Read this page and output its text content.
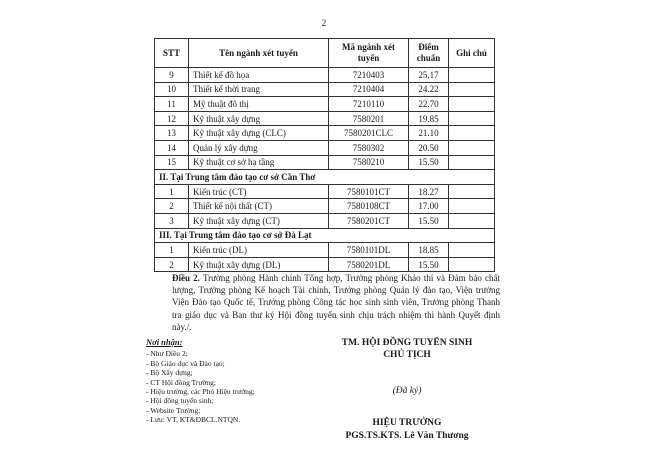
2
STT	Tên ngành xét tuyển	Mã ngành xét tuyển	Điểm chuẩn	Ghi chú
9	Thiết kế đồ họa	7210403	25.17	
10	Thiết kế thời trang	7210404	24.22	
11	Mỹ thuật đô thị	7210110	22.70	
12	Kỹ thuật xây dựng	7580201	19.85	
13	Kỹ thuật xây dựng (CLC)	7580201CLC	21.10	
14	Quản lý xây dựng	7580302	20.50	
15	Kỹ thuật cơ sở hạ tầng	7580210	15.50	
II. Tại Trung tâm đào tạo cơ sở Cần Thơ				
1	Kiến trúc (CT)	7580101CT	18.27	
2	Thiết kế nội thất (CT)	7580108CT	17.00	
3	Kỹ thuật xây dựng (CT)	7580201CT	15.50	
III. Tại Trung tâm đào tạo cơ sở Đà Lạt				
1	Kiến trúc (DL)	7580101DL	18.85	
2	Kỹ thuật xây dựng (DL)	7580201DL	15.50	
Điều 2. Trường phòng Hành chính Tổng hợp, Trưởng phòng Khảo thí và Đảm bảo chất lượng, Trưởng phòng Kế hoạch Tài chính, Trưởng phòng Quản lý đào tạo, Viện trưởng Viện Đào tạo Quốc tế, Trưởng phòng Công tác học sinh sinh viên, Trưởng phòng Thanh tra giáo dục và Ban thư ký Hội đồng tuyển sinh chịu trách nhiệm thi hành Quyết định này./.
Nơi nhận:
- Như Điều 2;
- Bộ Giáo dục và Đào tạo;
- Bộ Xây dựng;
- CT Hội đồng Trường;
- Hiệu trưởng, các Phó Hiệu trưởng;
- Hội đồng tuyển sinh;
- Website Trường;
- Lưu: VT, KT&ĐBCL.NTQN.
TM. HỘI ĐỒNG TUYỂN SINH
CHỦ TỊCH
(Đã ký)
HIỆU TRƯỞNG
PGS.TS.KTS. Lê Văn Thương
